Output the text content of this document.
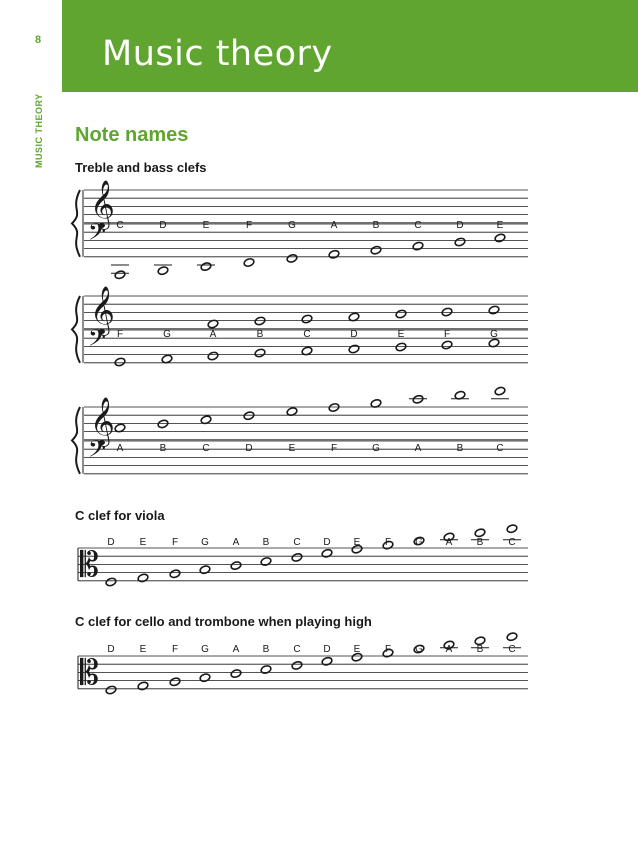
Music theory
8
MUSIC THEORY Note names
Treble and bass clefs
C clef for viola
C clef for cello and trombone when playing high
𝄞
𝄢 C	D	E	F	G	A	B	C	D	E
𝄞
𝄢 F	G	A	B	C	D	E	F	G
𝄞
𝄢 A	B	C	D	E	F	G	A	B	C
𝄡
D	E	F G A B C D E F G A B	C
𝄡
D	E	F G A B C D E F G A B	C
